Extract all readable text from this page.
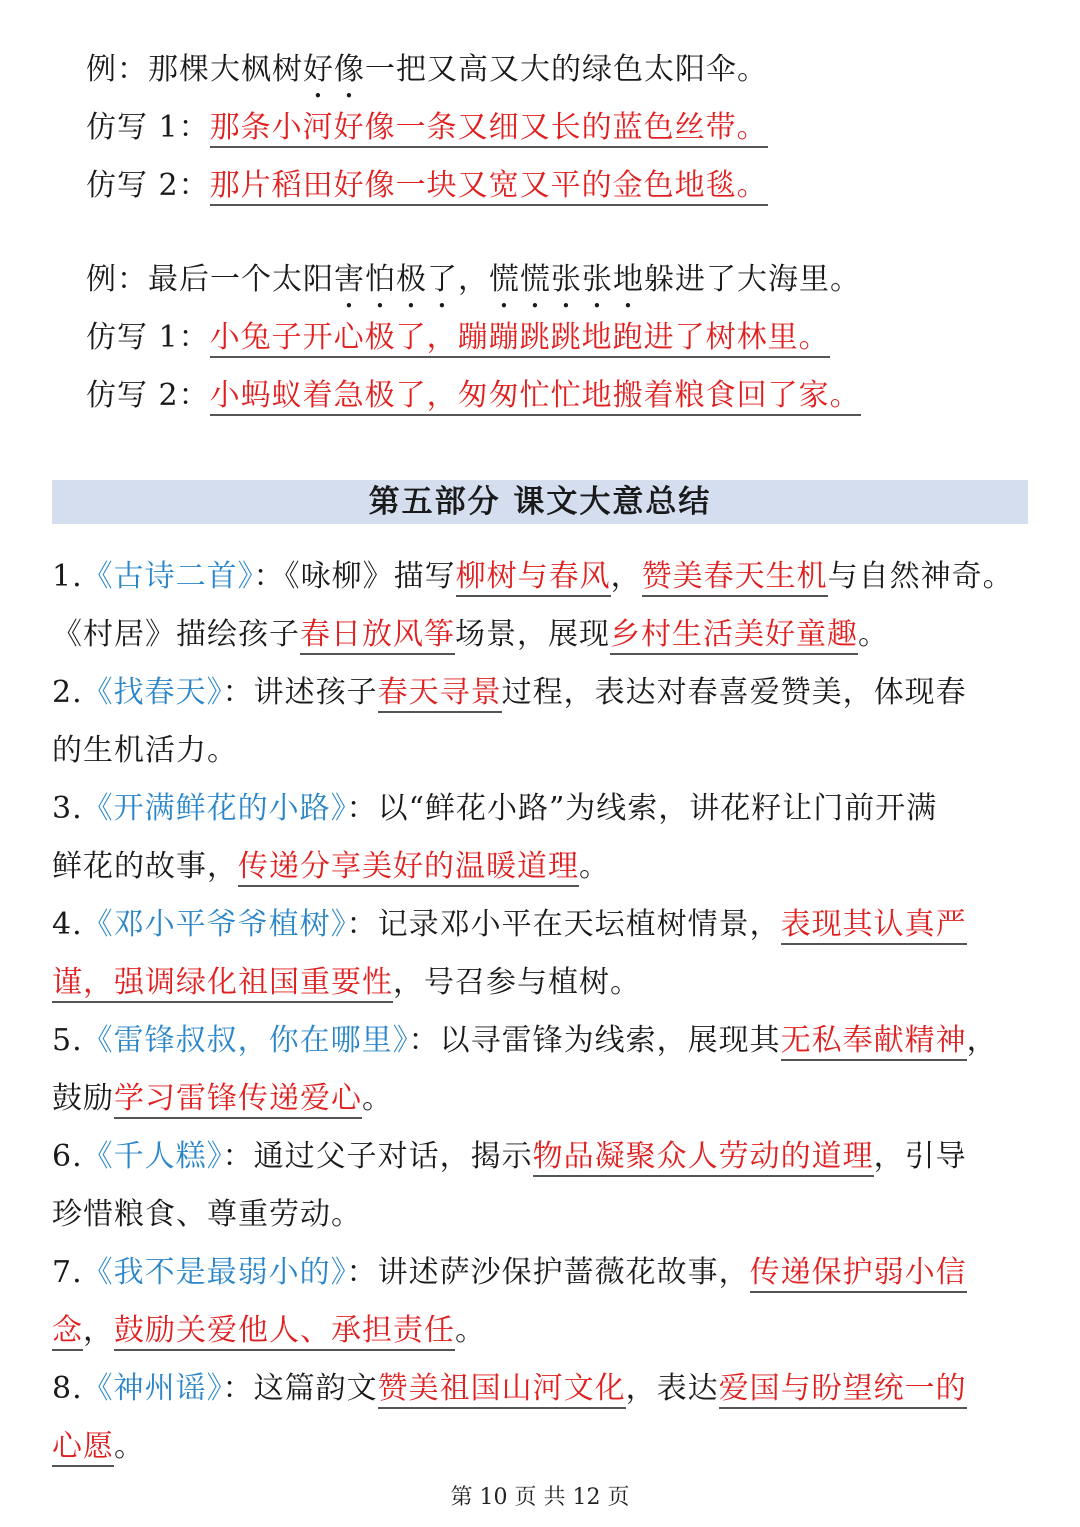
例：那棵大枫树好像一把又高又大的绿色太阳伞。
仿写 1：那条小河好像一条又细又长的蓝色丝带。
仿写 2：那片稻田好像一块又宽又平的金色地毯。
例：最后一个太阳害怕极了，慌慌张张地躲进了大海里。
仿写 1：小兔子开心极了，蹦蹦跳跳地跑进了树林里。
仿写 2：小蚂蚁着急极了，匆匆忙忙地搬着粮食回了家。
第五部分 课文大意总结
1.《古诗二首》：《咏柳》描写柳树与春风，赞美春天生机与自然神奇。
《村居》描绘孩子春日放风筝场景，展现乡村生活美好童趣。
2.《找春天》：讲述孩子春天寻景过程，表达对春喜爱赞美，体现春
的生机活力。
3.《开满鲜花的小路》：以“鲜花小路”为线索，讲花籽让门前开满
鲜花的故事，传递分享美好的温暖道理。
4.《邓小平爷爷植树》：记录邓小平在天坛植树情景，表现其认真严
谨，强调绿化祖国重要性，号召参与植树。
5.《雷锋叔叔，你在哪里》：以寻雷锋为线索，展现其无私奉献精神，
鼓励学习雷锋传递爱心。
6.《千人糕》：通过父子对话，揭示物品凝聚众人劳动的道理，引导
珍惜粮食、尊重劳动。
7.《我不是最弱小的》：讲述萨沙保护蔷薇花故事，传递保护弱小信
念，鼓励关爱他人、承担责任。
8.《神州谣》：这篇韵文赞美祖国山河文化，表达爱国与盼望统一的
心愿。
第 10 页 共 12 页
